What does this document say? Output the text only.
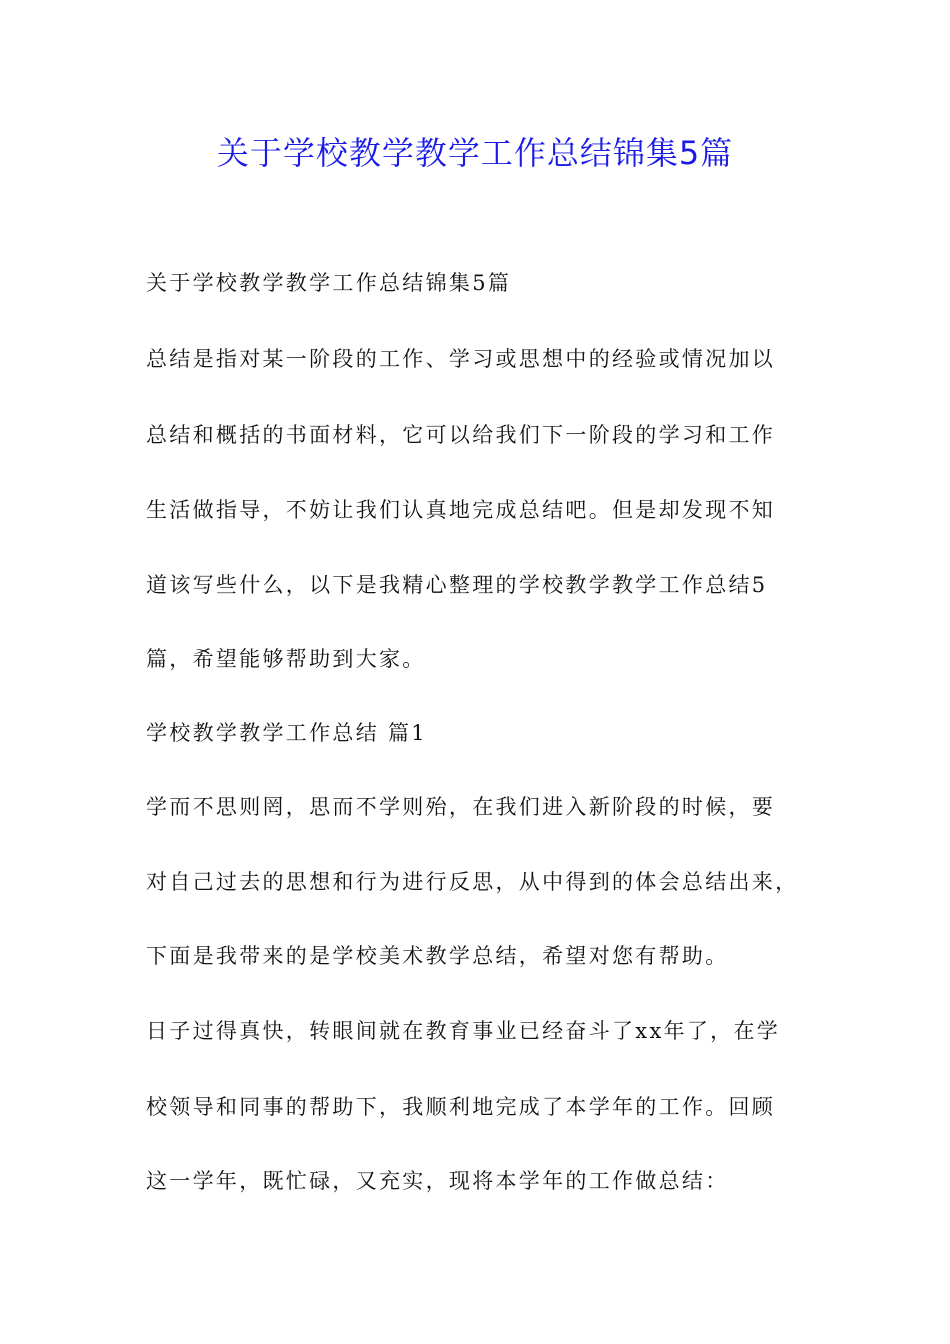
关于学校教学教学工作总结锦集5篇
关于学校教学教学工作总结锦集5篇
总结是指对某一阶段的工作、学习或思想中的经验或情况加以
总结和概括的书面材料，它可以给我们下一阶段的学习和工作
生活做指导，不妨让我们认真地完成总结吧。但是却发现不知
道该写些什么，以下是我精心整理的学校教学教学工作总结5
篇，希望能够帮助到大家。
学校教学教学工作总结 篇1
学而不思则罔，思而不学则殆，在我们进入新阶段的时候，要
对自己过去的思想和行为进行反思，从中得到的体会总结出来，
下面是我带来的是学校美术教学总结，希望对您有帮助。
日子过得真快，转眼间就在教育事业已经奋斗了xx年了，在学
校领导和同事的帮助下，我顺利地完成了本学年的工作。回顾
这一学年，既忙碌，又充实，现将本学年的工作做总结：
